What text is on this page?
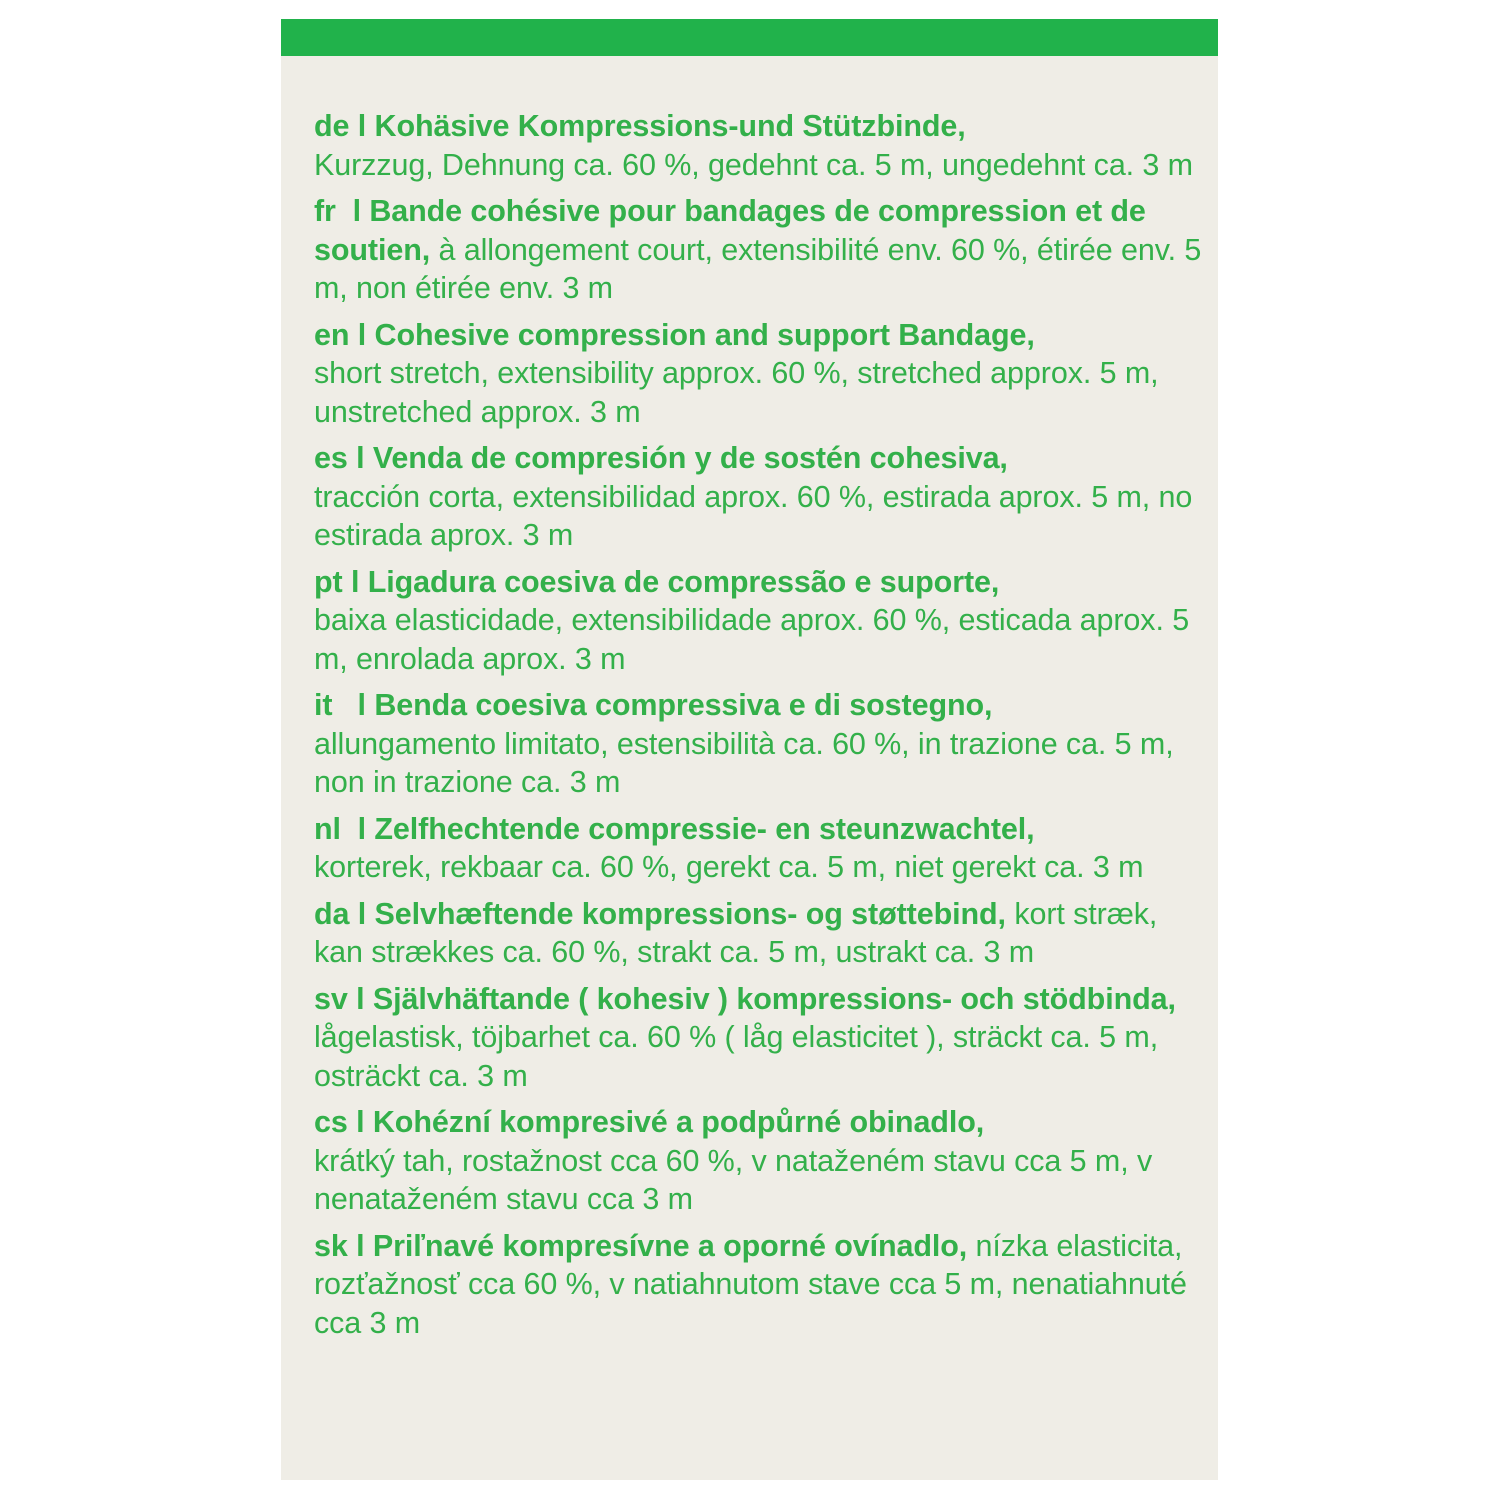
de l Kohäsive Kompressions-und Stützbinde,
Kurzzug, Dehnung ca. 60 %, gedehnt ca. 5 m, ungedehnt ca. 3 m

fr  l Bande cohésive pour bandages de compression et de soutien, à allongement court, extensibilité env. 60 %, étirée env. 5 m, non étirée env. 3 m

en l Cohesive compression and support Bandage,
short stretch, extensibility approx. 60 %, stretched approx. 5 m, unstretched approx. 3 m

es l Venda de compresión y de sostén cohesiva,
tracción corta, extensibilidad aprox. 60 %, estirada aprox. 5 m, no estirada aprox. 3 m

pt l Ligadura coesiva de compressão e suporte,
baixa elasticidade, extensibilidade aprox. 60 %, esticada aprox. 5 m, enrolada aprox. 3 m

it   l Benda coesiva compressiva e di sostegno,
allungamento limitato, estensibilità ca. 60 %, in trazione ca. 5 m, non in trazione ca. 3 m

nl  l Zelfhechtende compressie- en steunzwachtel,
korterek, rekbaar ca. 60 %, gerekt ca. 5 m, niet gerekt ca. 3 m

da l Selvhæftende kompressions- og støttebind, kort stræk, kan strækkes ca. 60 %, strakt ca. 5 m, ustrakt ca. 3 m

sv l Självhäftande ( kohesiv ) kompressions- och stödbinda, lågelastisk, töjbarhet ca. 60 % ( låg elasticitet ), sträckt ca. 5 m, osträckt ca. 3 m

cs l Kohézní kompresivé a podpůrné obinadlo,
krátký tah, rostažnost cca 60 %, v nataženém stavu cca 5 m, v nenataženém stavu cca 3 m

sk l Priľnavé kompresívne a oporné ovínadlo, nízka elasticita, rozťažnosť cca 60 %, v natiahnutom stave cca 5 m, nenatiahnuté cca 3 m
